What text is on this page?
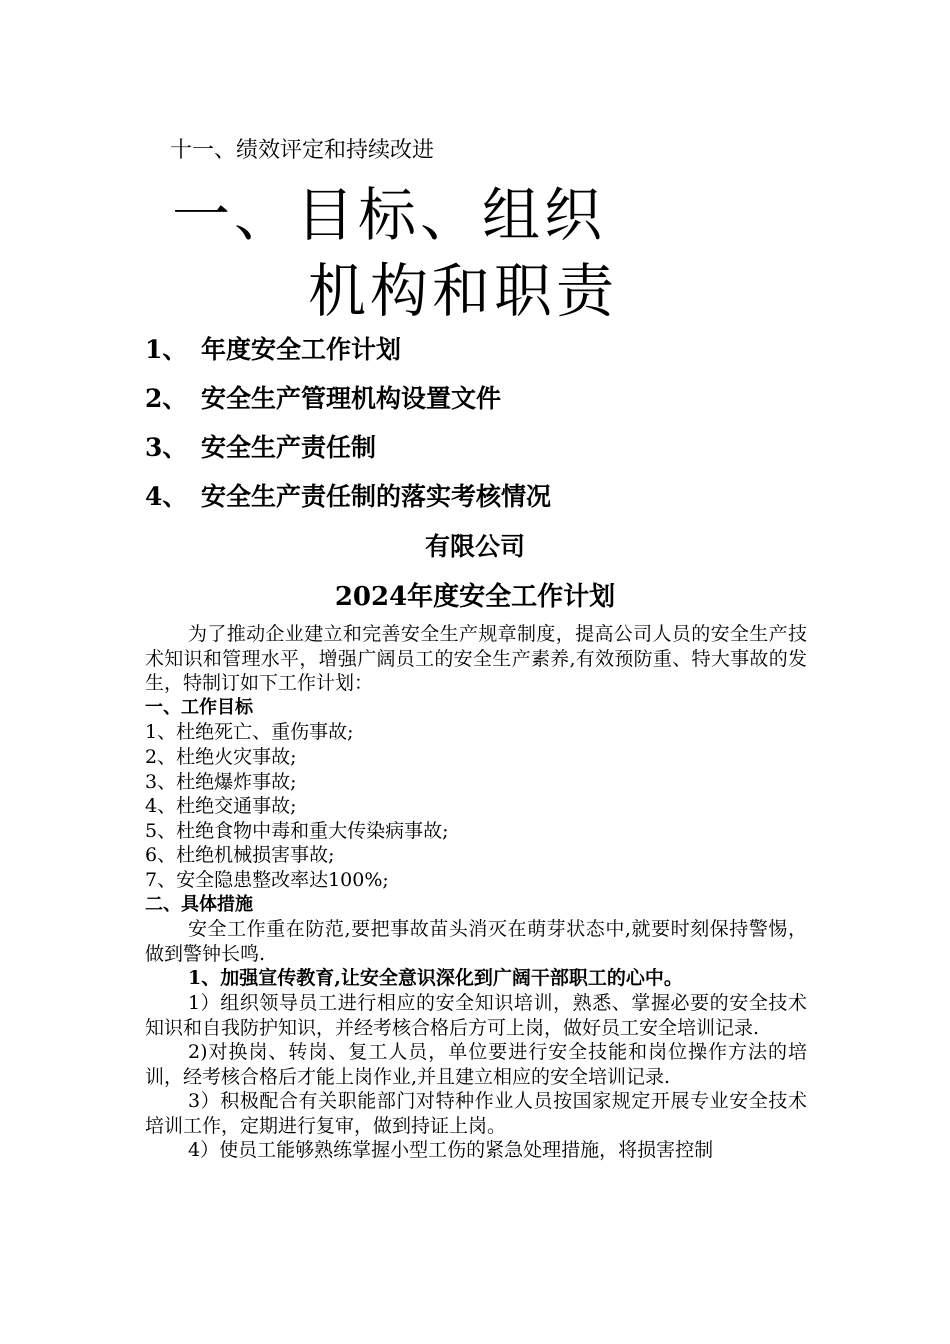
十一、绩效评定和持续改进
一、目标、组织
机构和职责
1、 年度安全工作计划
2、 安全生产管理机构设置文件
3、 安全生产责任制
4、 安全生产责任制的落实考核情况
有限公司
2024年度安全工作计划

为了推动企业建立和完善安全生产规章制度，提高公司人员的安全生产技术知识和管理水平，增强广阔员工的安全生产素养,有效预防重、特大事故的发生，特制订如下工作计划：

一、工作目标

1、杜绝死亡、重伤事故;

2、杜绝火灾事故;

3、杜绝爆炸事故;

4、杜绝交通事故;

5、杜绝食物中毒和重大传染病事故;

6、杜绝机械损害事故;

7、安全隐患整改率达100%;

二、具体措施

安全工作重在防范,要把事故苗头消灭在萌芽状态中,就要时刻保持警惕，做到警钟长鸣.

1、加强宣传教育,让安全意识深化到广阔干部职工的心中。

1）组织领导员工进行相应的安全知识培训，熟悉、掌握必要的安全技术知识和自我防护知识，并经考核合格后方可上岗，做好员工安全培训记录.

2)对换岗、转岗、复工人员，单位要进行安全技能和岗位操作方法的培训，经考核合格后才能上岗作业,并且建立相应的安全培训记录.

3）积极配合有关职能部门对特种作业人员按国家规定开展专业安全技术培训工作，定期进行复审，做到持证上岗。

4）使员工能够熟练掌握小型工伤的紧急处理措施，将损害控制
